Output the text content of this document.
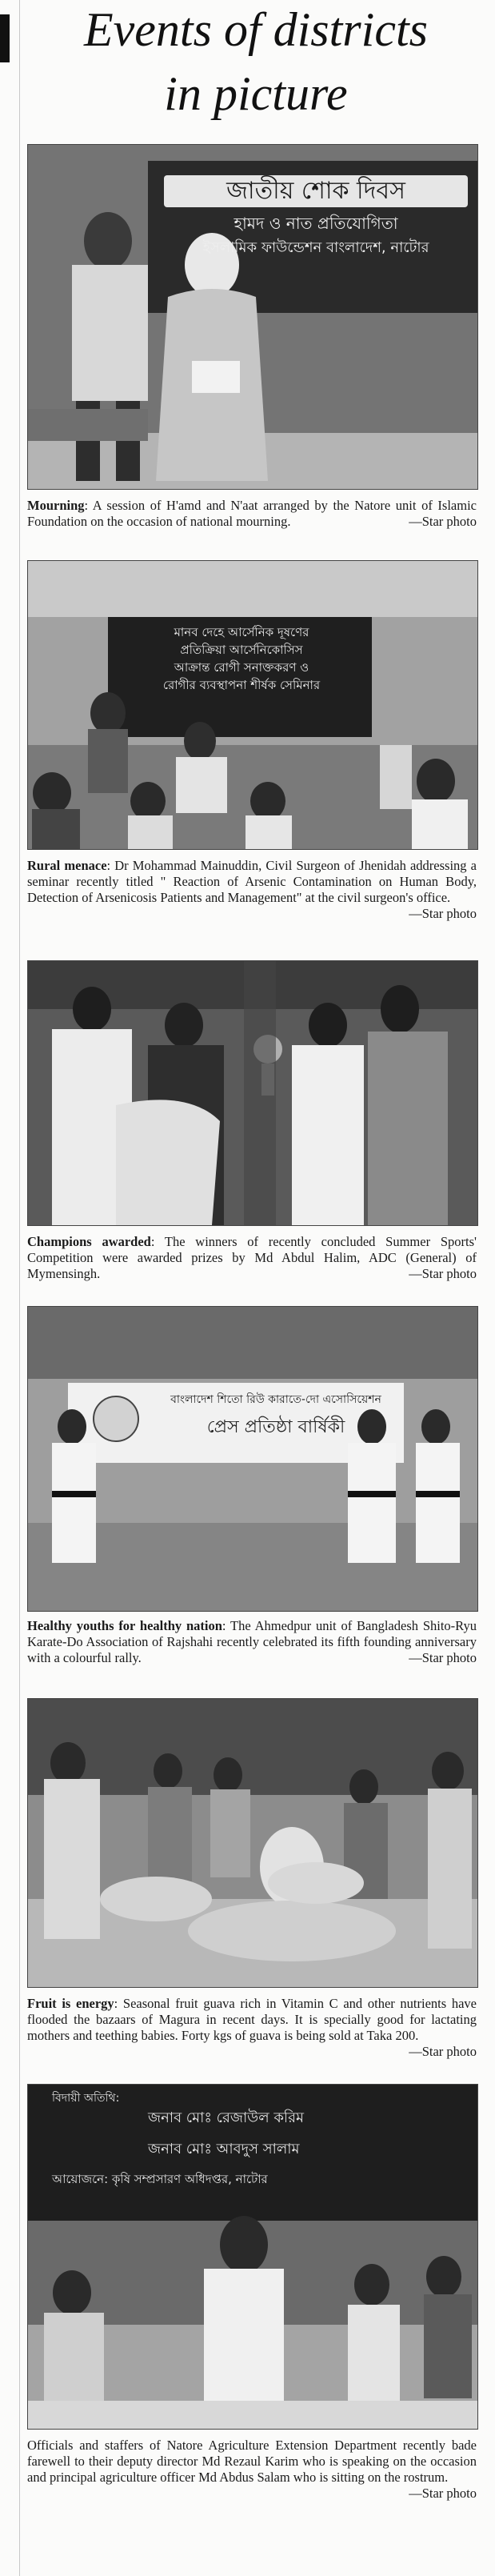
Events of districts
in picture
জাতীয় শোক দিবস
হামদ ও নাত প্রতিযোগিতা
ইসলামিক ফাউন্ডেশন বাংলাদেশ, নাটোর
Mourning: A session of H'amd and N'aat arranged by the Natore unit of Islamic Foundation on the occasion of national mourning.	— Star photo
মানব দেহে আর্সেনিক দূষণের
প্রতিক্রিয়া আর্সেনিকোসিস
আক্রান্ত রোগী সনাক্তকরণ ও
রোগীর ব্যবস্থাপনা শীর্ষক সেমিনার
Rural menace: Dr Mohammad Mainuddin, Civil Surgeon of Jhenidah addressing a seminar recently titled " Reaction of Arsenic Contamination on Human Body, Detection of Arsenicosis Patients and Management" at the civil surgeon's office.
— Star photo
Champions awarded: The winners of recently concluded Summer Sports' Competition were awarded prizes by Md Abdul Halim, ADC (General) of Mymensingh.	— Star photo
বাংলাদেশ শিতো রিউ কারাতে-দো এসোসিয়েশন
প্রেস প্রতিষ্ঠা বার্ষিকী
Healthy youths for healthy nation: The Ahmedpur unit of Bangladesh Shito-Ryu Karate-Do Association of Rajshahi recently celebrated its fifth founding anniversary with a colourful rally.	— Star photo
Fruit is energy: Seasonal fruit guava rich in Vitamin C and other nutrients have flooded the bazaars of Magura in recent days. It is specially good for lactating mothers and teething babies. Forty kgs of guava is being sold at Taka 200.
— Star photo
বিদায়ী অতিথি:
জনাব মোঃ রেজাউল করিম
জনাব মোঃ আবদুস সালাম
আয়োজনে: কৃষি সম্প্রসারণ অধিদপ্তর, নাটোর
Officials and staffers of Natore Agriculture Extension Department recently bade farewell to their deputy director Md Rezaul Karim who is speaking on the occasion and principal agriculture officer Md Abdus Salam who is sitting on the rostrum.
— Star photo
